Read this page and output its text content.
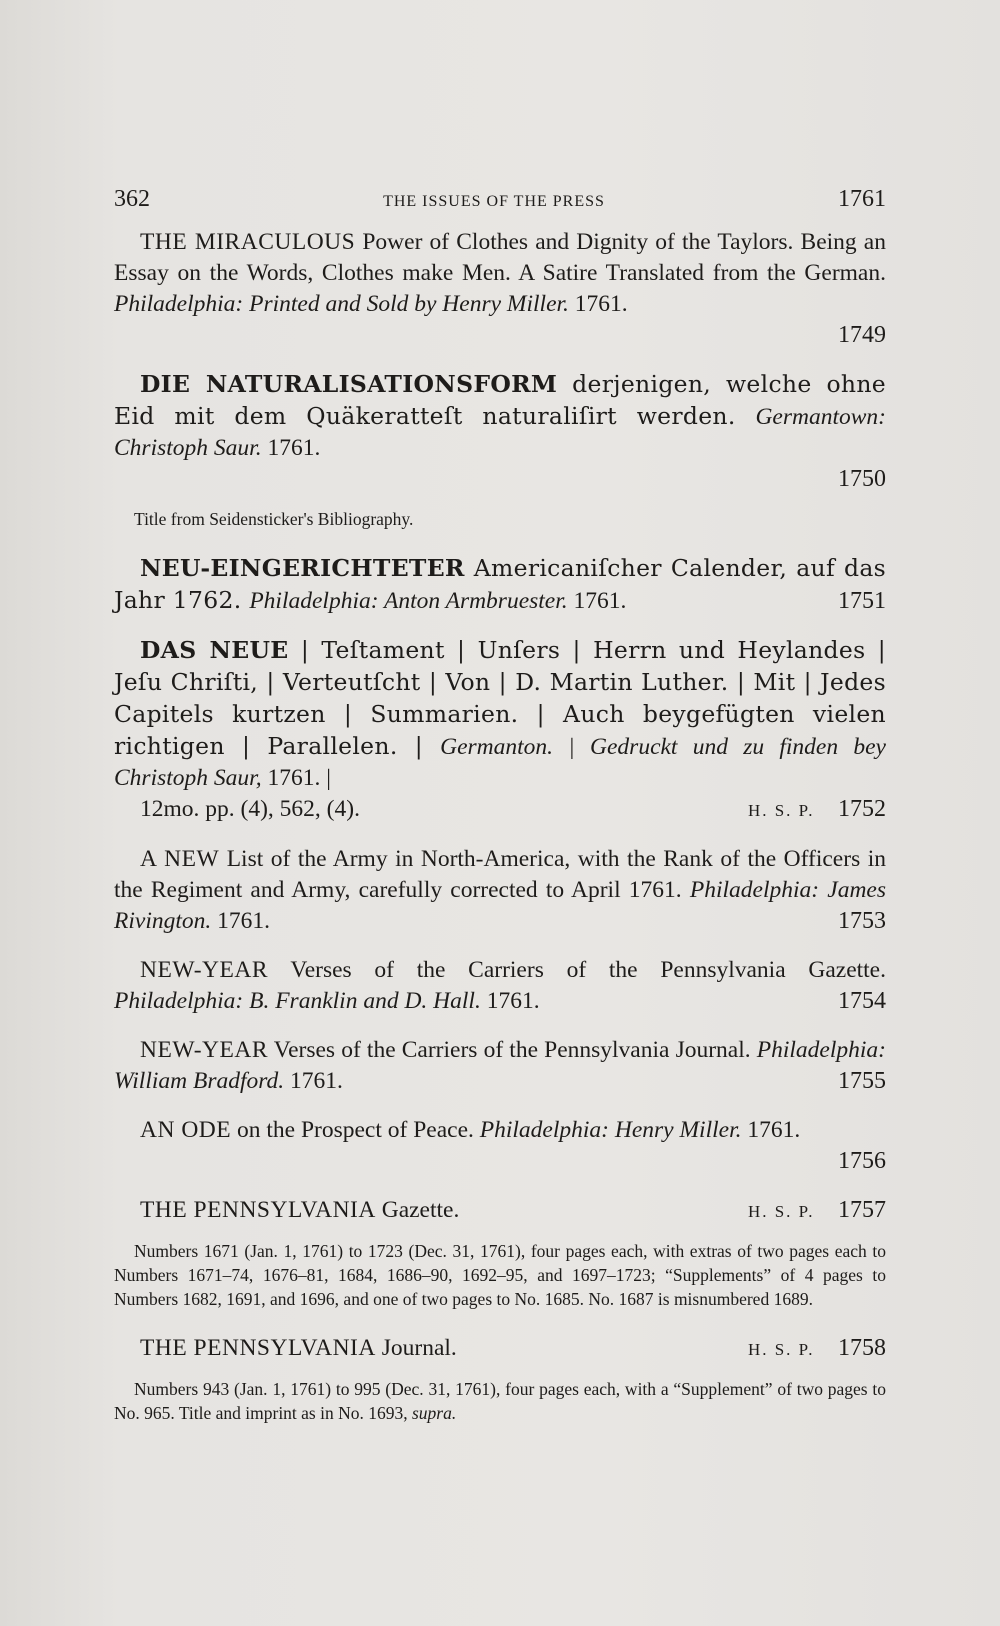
362	THE ISSUES OF THE PRESS	1761

THE MIRACULOUS Power of Clothes and Dignity of the Taylors. Being an Essay on the Words, Clothes make Men. A Satire Translated from the German. Philadelphia: Printed and Sold by Henry Miller. 1761.
1749

DIE NATURALISATIONSFORM derjenigen, welche ohne Eid mit dem Quäkeratteſt naturaliſirt werden. Germantown: Christoph Saur. 1761.
1750

Title from Seidensticker's Bibliography.

NEU-EINGERICHTETER Americaniſcher Calender, auf das Jahr 1762. Philadelphia: Anton Armbruester. 1761.	1751

DAS NEUE | Teſtament | Unſers | Herrn und Heylandes | Jeſu Chriſti, | Verteutſcht | Von | D. Martin Luther. | Mit | Jedes Capitels kurtzen | Summarien. | Auch beygefügten vielen richtigen | Parallelen. | Germanton. | Gedruckt und zu finden bey Christoph Saur, 1761. |
12mo. pp. (4), 562, (4).	H. S. P. 1752

A NEW List of the Army in North-America, with the Rank of the Officers in the Regiment and Army, carefully corrected to April 1761. Philadelphia: James Rivington. 1761.	1753

NEW-YEAR Verses of the Carriers of the Pennsylvania Gazette. Philadelphia: B. Franklin and D. Hall. 1761.	1754

NEW-YEAR Verses of the Carriers of the Pennsylvania Journal. Philadelphia: William Bradford. 1761.	1755

AN ODE on the Prospect of Peace. Philadelphia: Henry Miller. 1761.
1756

THE PENNSYLVANIA Gazette.	H. S. P. 1757

Numbers 1671 (Jan. 1, 1761) to 1723 (Dec. 31, 1761), four pages each, with extras of two pages each to Numbers 1671–74, 1676–81, 1684, 1686–90, 1692–95, and 1697–1723; “Supplements” of 4 pages to Numbers 1682, 1691, and 1696, and one of two pages to No. 1685. No. 1687 is misnumbered 1689.

THE PENNSYLVANIA Journal.	H. S. P. 1758

Numbers 943 (Jan. 1, 1761) to 995 (Dec. 31, 1761), four pages each, with a “Supplement” of two pages to No. 965. Title and imprint as in No. 1693, supra.
